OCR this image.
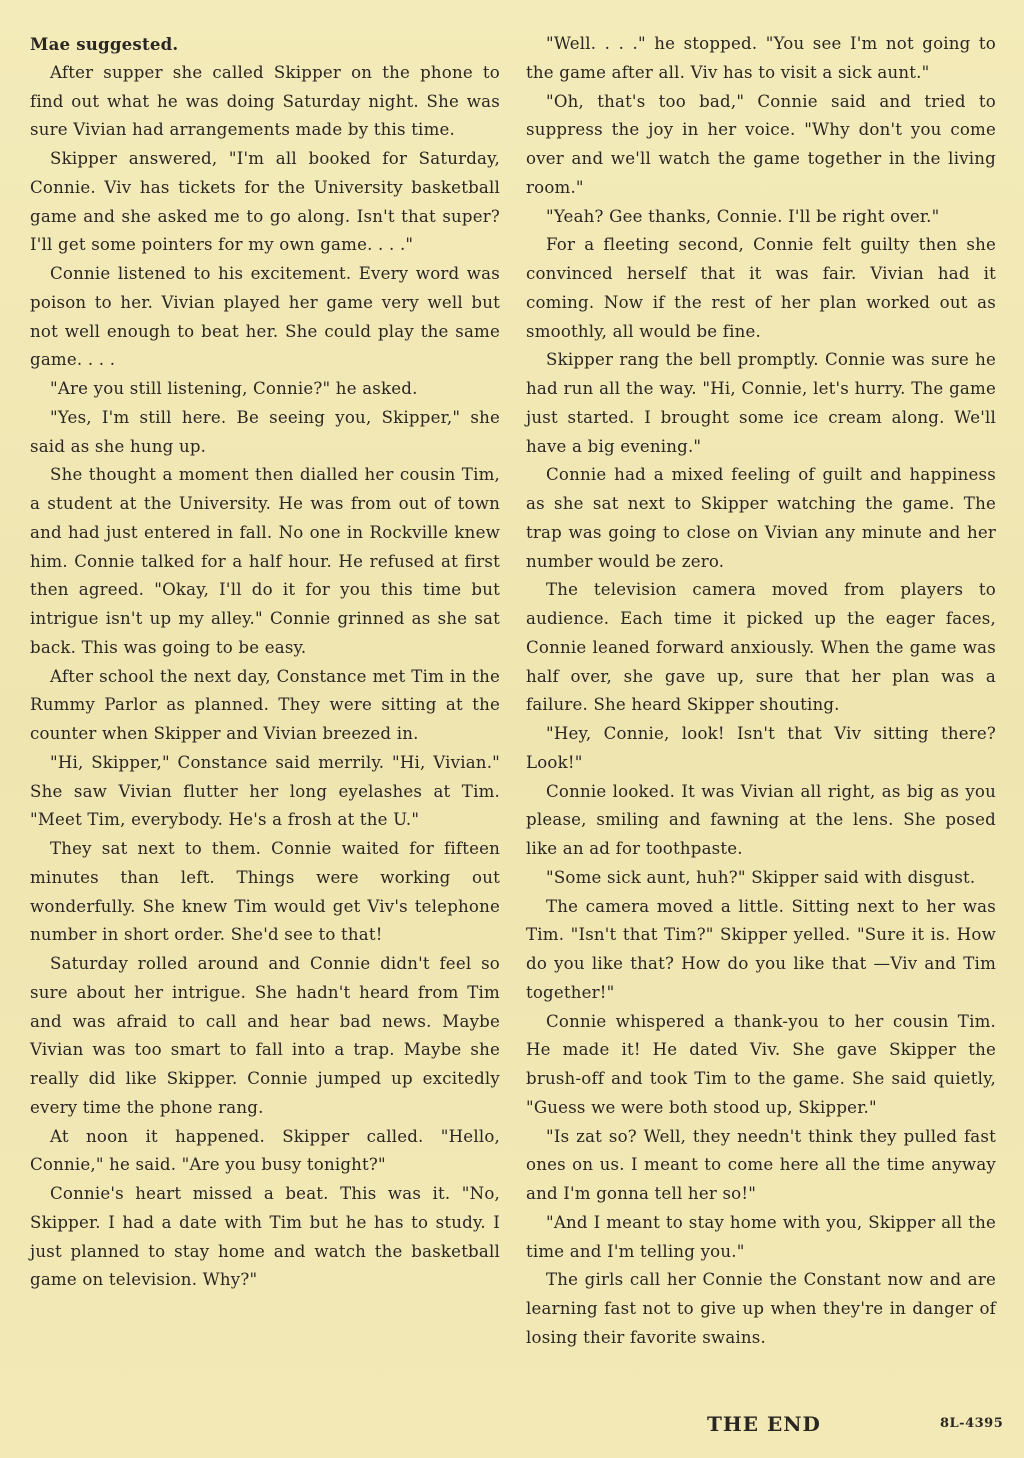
Mae suggested.

After supper she called Skipper on the phone to find out what he was doing Saturday night. She was sure Vivian had arrangements made by this time.

Skipper answered, "I'm all booked for Saturday, Connie. Viv has tickets for the University basketball game and she asked me to go along. Isn't that super? I'll get some pointers for my own game. . . ."

Connie listened to his excitement. Every word was poison to her. Vivian played her game very well but not well enough to beat her. She could play the same game. . . .

"Are you still listening, Connie?" he asked.

"Yes, I'm still here. Be seeing you, Skipper," she said as she hung up.

She thought a moment then dialled her cousin Tim, a student at the University. He was from out of town and had just entered in fall. No one in Rockville knew him. Connie talked for a half hour. He refused at first then agreed. "Okay, I'll do it for you this time but intrigue isn't up my alley." Connie grinned as she sat back. This was going to be easy.

After school the next day, Constance met Tim in the Rummy Parlor as planned. They were sitting at the counter when Skipper and Vivian breezed in.

"Hi, Skipper," Constance said merrily. "Hi, Vivian." She saw Vivian flutter her long eyelashes at Tim. "Meet Tim, everybody. He's a frosh at the U."

They sat next to them. Connie waited for fifteen minutes than left. Things were working out wonderfully. She knew Tim would get Viv's telephone number in short order. She'd see to that!

Saturday rolled around and Connie didn't feel so sure about her intrigue. She hadn't heard from Tim and was afraid to call and hear bad news. Maybe Vivian was too smart to fall into a trap. Maybe she really did like Skipper. Connie jumped up excitedly every time the phone rang.

At noon it happened. Skipper called. "Hello, Connie," he said. "Are you busy tonight?"

Connie's heart missed a beat. This was it. "No, Skipper. I had a date with Tim but he has to study. I just planned to stay home and watch the basketball game on television. Why?"

"Well. . . ." he stopped. "You see I'm not going to the game after all. Viv has to visit a sick aunt."

"Oh, that's too bad," Connie said and tried to suppress the joy in her voice. "Why don't you come over and we'll watch the game together in the living room."

"Yeah? Gee thanks, Connie. I'll be right over."

For a fleeting second, Connie felt guilty then she convinced herself that it was fair. Vivian had it coming. Now if the rest of her plan worked out as smoothly, all would be fine.

Skipper rang the bell promptly. Connie was sure he had run all the way. "Hi, Connie, let's hurry. The game just started. I brought some ice cream along. We'll have a big evening."

Connie had a mixed feeling of guilt and happiness as she sat next to Skipper watching the game. The trap was going to close on Vivian any minute and her number would be zero.

The television camera moved from players to audience. Each time it picked up the eager faces, Connie leaned forward anxiously. When the game was half over, she gave up, sure that her plan was a failure. She heard Skipper shouting.

"Hey, Connie, look! Isn't that Viv sitting there? Look!"

Connie looked. It was Vivian all right, as big as you please, smiling and fawning at the lens. She posed like an ad for toothpaste.

"Some sick aunt, huh?" Skipper said with disgust.

The camera moved a little. Sitting next to her was Tim. "Isn't that Tim?" Skipper yelled. "Sure it is. How do you like that? How do you like that —Viv and Tim together!"

Connie whispered a thank-you to her cousin Tim. He made it! He dated Viv. She gave Skipper the brush-off and took Tim to the game. She said quietly, "Guess we were both stood up, Skipper."

"Is zat so? Well, they needn't think they pulled fast ones on us. I meant to come here all the time anyway and I'm gonna tell her so!"

"And I meant to stay home with you, Skipper all the time and I'm telling you."

The girls call her Connie the Constant now and are learning fast not to give up when they're in danger of losing their favorite swains.

THE END	8L-4395
